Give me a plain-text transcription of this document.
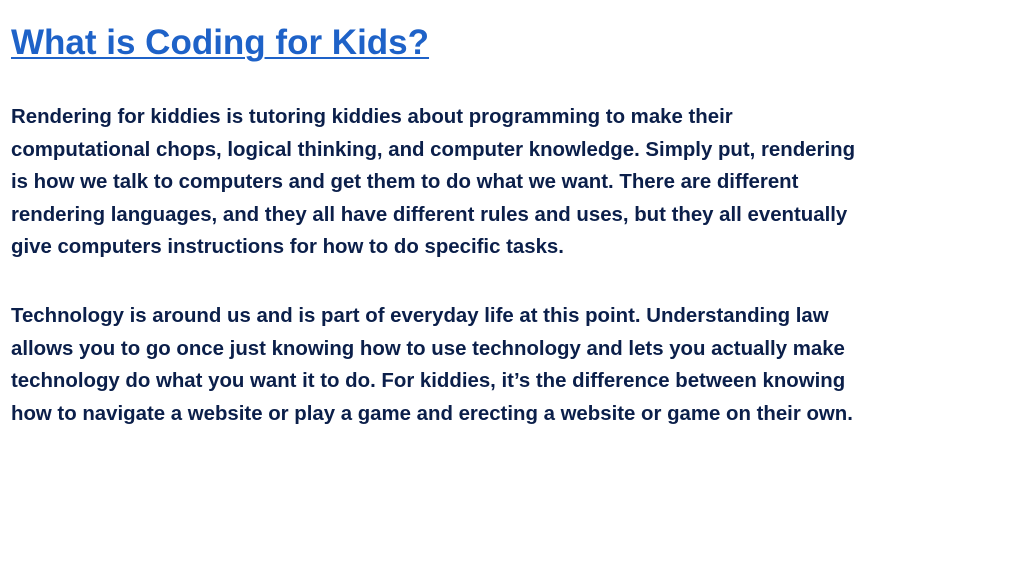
What is Coding for Kids?

Rendering for kiddies is tutoring kiddies about programming to make their
computational chops, logical thinking, and computer knowledge. Simply put, rendering
is how we talk to computers and get them to do what we want. There are different
rendering languages, and they all have different rules and uses, but they all eventually
give computers instructions for how to do specific tasks.

Technology is around us and is part of everyday life at this point. Understanding law
allows you to go once just knowing how to use technology and lets you actually make
technology do what you want it to do. For kiddies, it’s the difference between knowing
how to navigate a website or play a game and erecting a website or game on their own.
